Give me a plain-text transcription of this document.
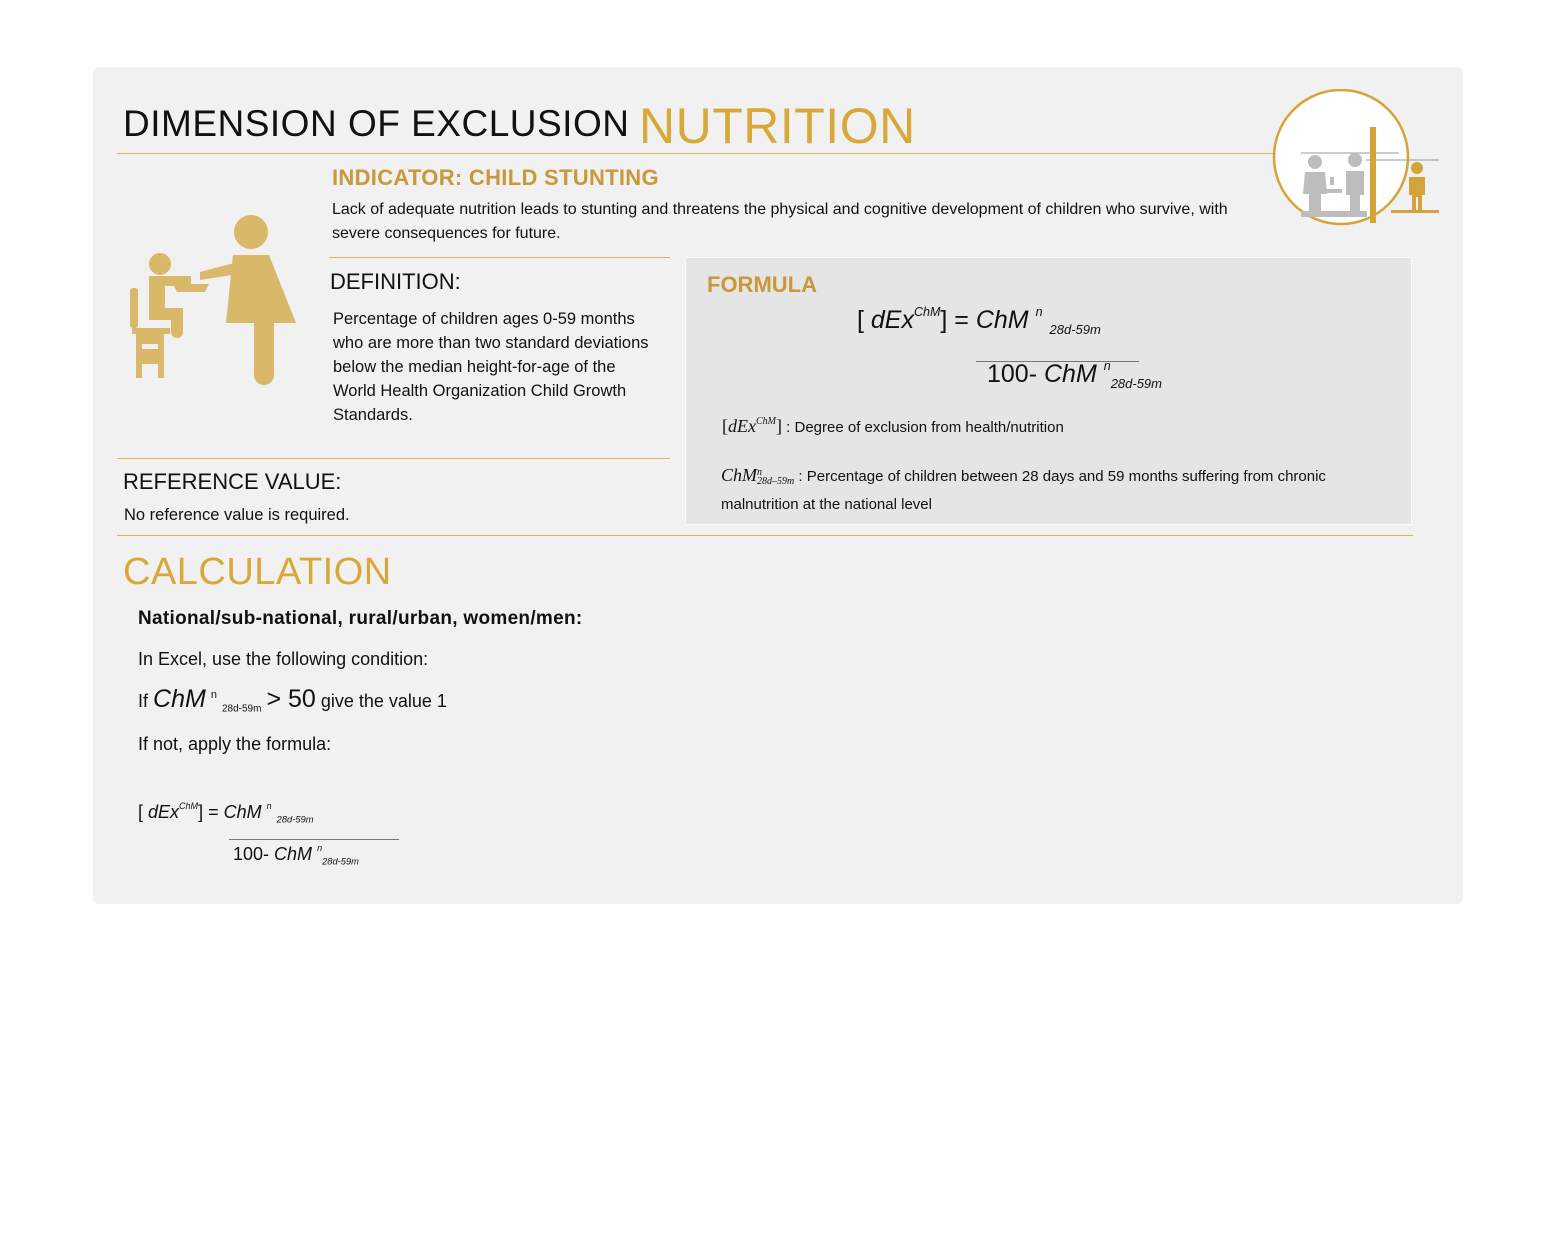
DIMENSION OF EXCLUSION NUTRITION
INDICATOR: CHILD STUNTING
Lack of adequate nutrition leads to stunting and threatens the physical and cognitive development of children who survive, with severe consequences for future.
DEFINITION:
Percentage of children ages 0-59 months who are more than two standard deviations below the median height-for-age of the World Health Organization Child Growth Standards.
REFERENCE VALUE:
No reference value is required.
FORMULA
[ dEx$^{ChM}$] = ChM $^n$ $_{28d-59m}$
100- ChM $^n_{28d-59m}$
[dEx$^{ChM}$] : Degree of exclusion from health/nutrition
ChMn
28d–59m : Percentage of children between 28 days and 59 months suffering from chronic malnutrition at the national level
CALCULATION
National/sub-national, rural/urban, women/men:
In Excel, use the following condition:
If ChM $^n$ $_{28d-59m}$ > 50 give the value 1
If not, apply the formula:
[ dEx$^{ChM}$] = ChM $^n$ $_{28d-59m}$
100- ChM $^n_{28d-59m}$
